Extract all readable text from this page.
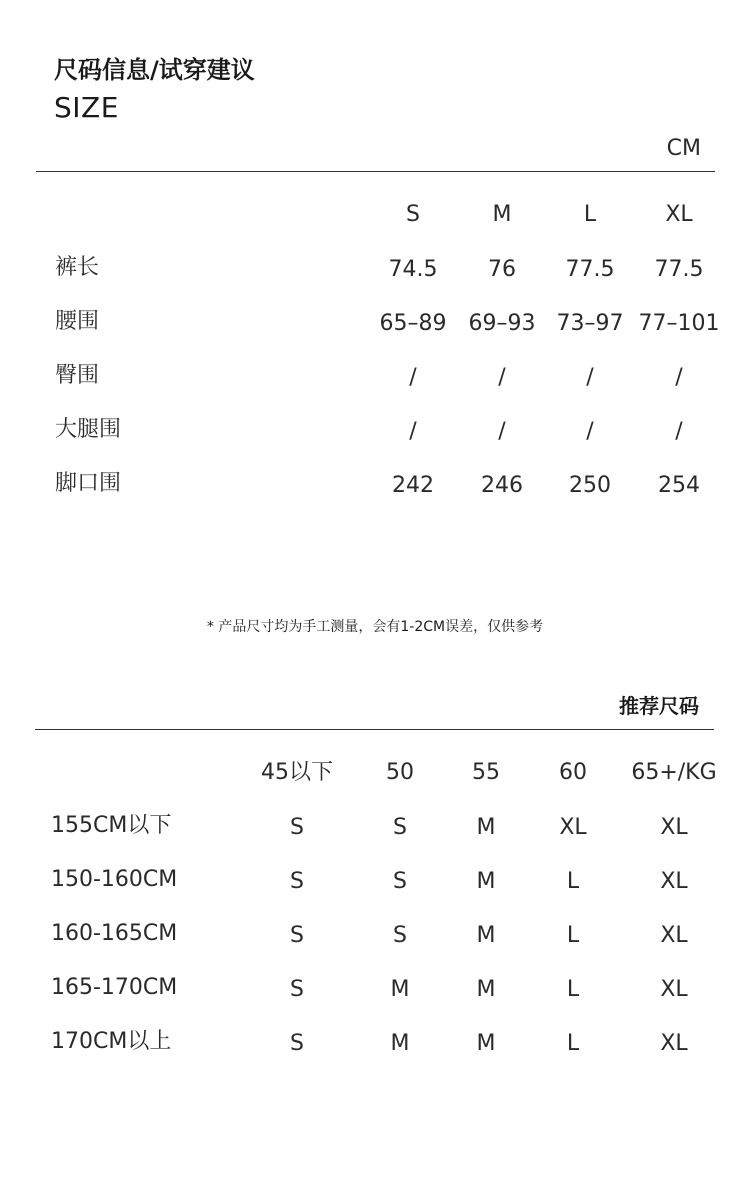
尺码信息/试穿建议
SIZE
CM
S	M	L	XL
裤长	74.5 76 77.5 77.5
腰围	65–89 69–93 73–97 77–101
臀围	/	/	/	/
大腿围	/	/	/	/
脚口围	242 246 250 254
* 产品尺寸均为手工测量，会有1-2CM误差，仅供参考
推荐尺码
45以下 50	55	60 65+/KG
155CM以下	S	S	M	XL	XL
150-160CM	S	S	M	L	XL
160-165CM	S	S	M	L	XL
165-170CM	S	M	M	L	XL
170CM以上	S	M	M	L	XL
